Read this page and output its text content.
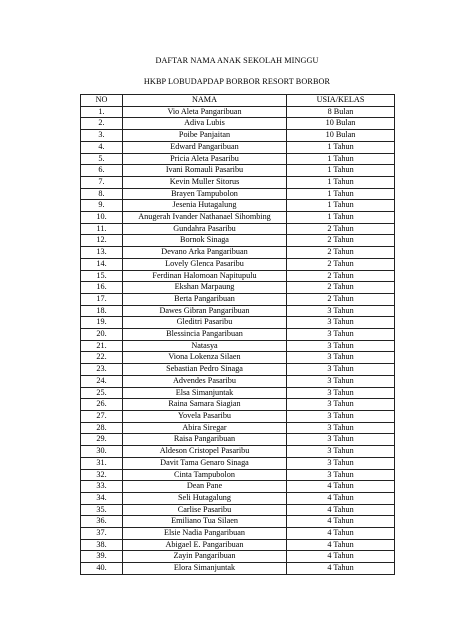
DAFTAR NAMA ANAK SEKOLAH MINGGU
HKBP LOBUDAPDAP BORBOR RESORT BORBOR
NO	NAMA	USIA/KELAS
1.	Vio Aleta Pangaribuan	8 Bulan
2.	Adiva Lubis	10 Bulan
3.	Poibe Panjaitan	10 Bulan
4.	Edward Pangaribuan	1 Tahun
5.	Pricia Aleta Pasaribu	1 Tahun
6.	Ivani Romauli Pasaribu	1 Tahun
7.	Kevin Muller Sitorus	1 Tahun
8.	Brayen Tampubolon	1 Tahun
9.	Jesenia Hutagalung	1 Tahun
10.	Anugerah Ivander Nathanael Sihombing	1 Tahun
11.	Gundahra Pasaribu	2 Tahun
12.	Bornok Sinaga	2 Tahun
13.	Devano Arka Pangaribuan	2 Tahun
14.	Lovely Glenca Pasaribu	2 Tahun
15.	Ferdinan Halomoan Napitupulu	2 Tahun
16.	Ekshan Marpaung	2 Tahun
17.	Berta Pangaribuan	2 Tahun
18.	Dawes Gibran Pangaribuan	3 Tahun
19.	Gleditri Pasaribu	3 Tahun
20.	Blessincia Pangaribuan	3 Tahun
21.	Natasya	3 Tahun
22.	Viona Lokenza Silaen	3 Tahun
23.	Sebastian Pedro Sinaga	3 Tahun
24.	Advendes Pasaribu	3 Tahun
25.	Elsa Simanjuntak	3 Tahun
26.	Raina Samara Siagian	3 Tahun
27.	Yovela Pasaribu	3 Tahun
28.	Abira Siregar	3 Tahun
29.	Raisa Pangaribuan	3 Tahun
30.	Aldeson Cristopel Pasaribu	3 Tahun
31.	Davit Tama Genaro Sinaga	3 Tahun
32.	Cinta Tampubolon	3 Tahun
33.	Dean Pane	4 Tahun
34.	Seli Hutagalung	4 Tahun
35.	Carlise Pasaribu	4 Tahun
36.	Emiliano Tua Silaen	4 Tahun
37.	Elsie Nadia Pangaribuan	4 Tahun
38.	Abigael E. Pangaribuan	4 Tahun
39.	Zayin Pangaribuan	4 Tahun
40.	Elora Simanjuntak	4 Tahun
